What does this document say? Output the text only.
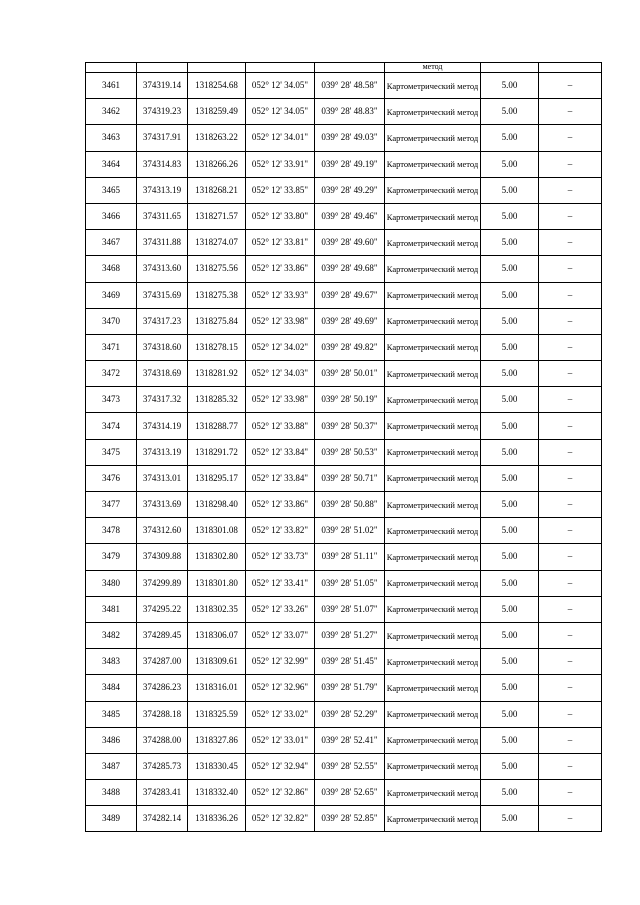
					метод		

3461	374319.14	1318254.68	052° 12' 34.05"	039° 28' 48.58"	Картометрический метод	5.00	–
3462	374319.23	1318259.49	052° 12' 34.05"	039° 28' 48.83"	Картометрический метод	5.00	–
3463	374317.91	1318263.22	052° 12' 34.01"	039° 28' 49.03"	Картометрический метод	5.00	–
3464	374314.83	1318266.26	052° 12' 33.91"	039° 28' 49.19"	Картометрический метод	5.00	–
3465	374313.19	1318268.21	052° 12' 33.85"	039° 28' 49.29"	Картометрический метод	5.00	–
3466	374311.65	1318271.57	052° 12' 33.80"	039° 28' 49.46"	Картометрический метод	5.00	–
3467	374311.88	1318274.07	052° 12' 33.81"	039° 28' 49.60"	Картометрический метод	5.00	–
3468	374313.60	1318275.56	052° 12' 33.86"	039° 28' 49.68"	Картометрический метод	5.00	–
3469	374315.69	1318275.38	052° 12' 33.93"	039° 28' 49.67"	Картометрический метод	5.00	–
3470	374317.23	1318275.84	052° 12' 33.98"	039° 28' 49.69"	Картометрический метод	5.00	–
3471	374318.60	1318278.15	052° 12' 34.02"	039° 28' 49.82"	Картометрический метод	5.00	–
3472	374318.69	1318281.92	052° 12' 34.03"	039° 28' 50.01"	Картометрический метод	5.00	–
3473	374317.32	1318285.32	052° 12' 33.98"	039° 28' 50.19"	Картометрический метод	5.00	–
3474	374314.19	1318288.77	052° 12' 33.88"	039° 28' 50.37"	Картометрический метод	5.00	–
3475	374313.19	1318291.72	052° 12' 33.84"	039° 28' 50.53"	Картометрический метод	5.00	–
3476	374313.01	1318295.17	052° 12' 33.84"	039° 28' 50.71"	Картометрический метод	5.00	–
3477	374313.69	1318298.40	052° 12' 33.86"	039° 28' 50.88"	Картометрический метод	5.00	–
3478	374312.60	1318301.08	052° 12' 33.82"	039° 28' 51.02"	Картометрический метод	5.00	–
3479	374309.88	1318302.80	052° 12' 33.73"	039° 28' 51.11"	Картометрический метод	5.00	–
3480	374299.89	1318301.80	052° 12' 33.41"	039° 28' 51.05"	Картометрический метод	5.00	–
3481	374295.22	1318302.35	052° 12' 33.26"	039° 28' 51.07"	Картометрический метод	5.00	–
3482	374289.45	1318306.07	052° 12' 33.07"	039° 28' 51.27"	Картометрический метод	5.00	–
3483	374287.00	1318309.61	052° 12' 32.99"	039° 28' 51.45"	Картометрический метод	5.00	–
3484	374286.23	1318316.01	052° 12' 32.96"	039° 28' 51.79"	Картометрический метод	5.00	–
3485	374288.18	1318325.59	052° 12' 33.02"	039° 28' 52.29"	Картометрический метод	5.00	–
3486	374288.00	1318327.86	052° 12' 33.01"	039° 28' 52.41"	Картометрический метод	5.00	–
3487	374285.73	1318330.45	052° 12' 32.94"	039° 28' 52.55"	Картометрический метод	5.00	–
3488	374283.41	1318332.40	052° 12' 32.86"	039° 28' 52.65"	Картометрический метод	5.00	–
3489	374282.14	1318336.26	052° 12' 32.82"	039° 28' 52.85"	Картометрический метод	5.00	–
